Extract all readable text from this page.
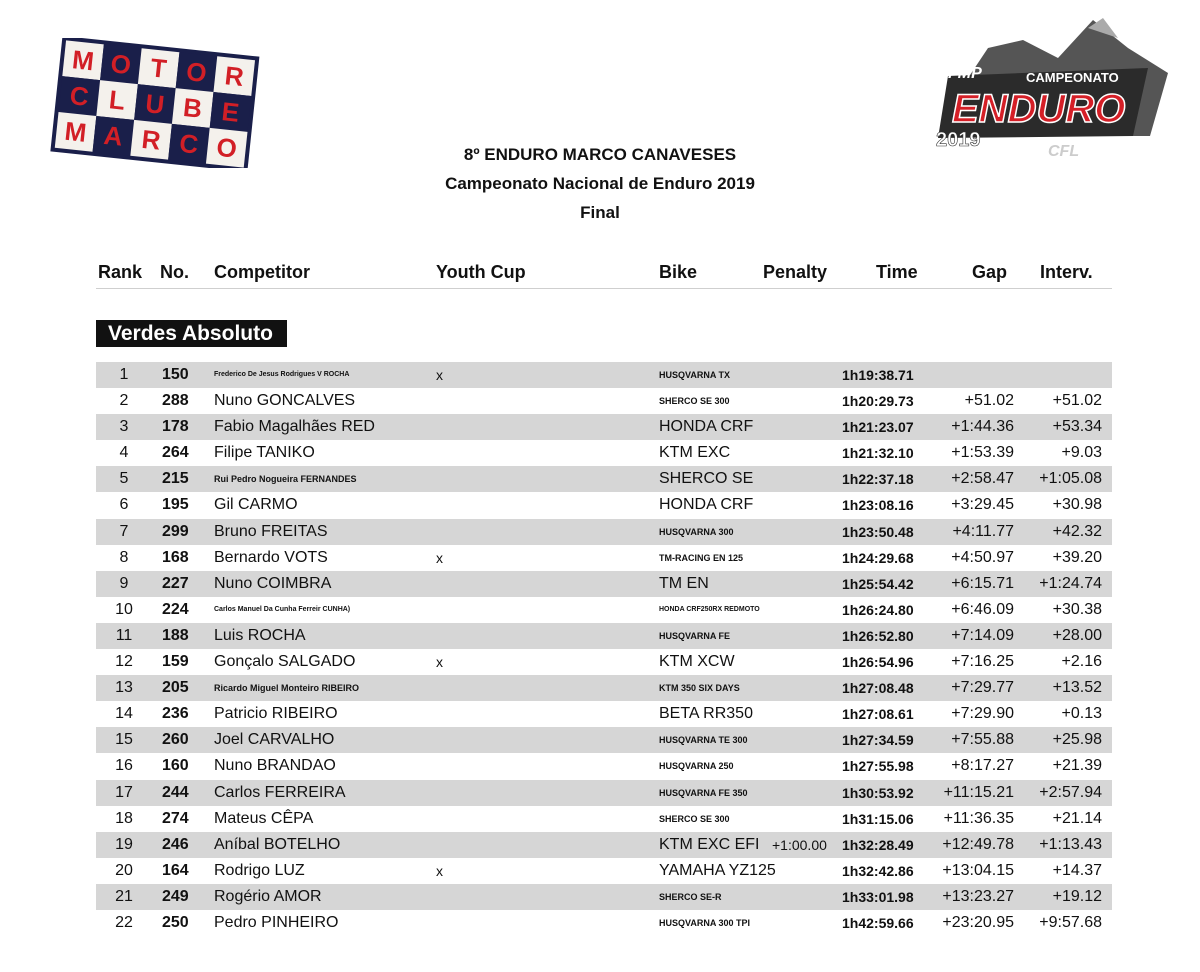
M O T O R
C L U B E
M A R C O
FMP	CAMPEONATO
ENDURO
2019
CFL
8º ENDURO MARCO CANAVESES
Campeonato Nacional de Enduro 2019
Final
Rank No. Competitor	Youth Cup	Bike	Penalty	Time	Gap Interv.
Verdes Absoluto
1	150	Frederico De Jesus Rodrigues V ROCHA	x	HUSQVARNA TX	1h19:38.71
2	288 Nuno GONCALVES	SHERCO SE 300	1h20:29.73	+51.02 +51.02
3	178 Fabio Magalhães RED	HONDA CRF	1h21:23.07 +1:44.36 +53.34
4	264 Filipe TANIKO	KTM EXC	1h21:32.10 +1:53.39	+9.03
5	215	Rui Pedro Nogueira FERNANDES	SHERCO SE	1h22:37.18 +2:58.47 +1:05.08
6	195 Gil CARMO	HONDA CRF	1h23:08.16 +3:29.45 +30.98
7	299 Bruno FREITAS	HUSQVARNA 300	1h23:50.48 +4:11.77 +42.32
8	168 Bernardo VOTS	x	TM-RACING EN 125	1h24:29.68 +4:50.97 +39.20
9	227 Nuno COIMBRA	TM EN	1h25:54.42 +6:15.71 +1:24.74
10	224	Carlos Manuel Da Cunha Ferreir CUNHA)	HONDA CRF250RX REDMOTO	1h26:24.80 +6:46.09 +30.38
11	188 Luis ROCHA	HUSQVARNA FE	1h26:52.80 +7:14.09 +28.00
12	159 Gonçalo SALGADO	x	KTM XCW	1h26:54.96 +7:16.25	+2.16
13	205	Ricardo Miguel Monteiro RIBEIRO	KTM 350 SIX DAYS	1h27:08.48 +7:29.77 +13.52
14	236 Patricio RIBEIRO	BETA RR350	1h27:08.61 +7:29.90	+0.13
15	260 Joel CARVALHO	HUSQVARNA TE 300	1h27:34.59 +7:55.88 +25.98
16	160 Nuno BRANDAO	HUSQVARNA 250	1h27:55.98 +8:17.27 +21.39
17	244 Carlos FERREIRA	HUSQVARNA FE 350	1h30:53.92 +11:15.21 +2:57.94
18	274 Mateus CÊPA	SHERCO SE 300	1h31:15.06 +11:36.35 +21.14
19	246 Aníbal BOTELHO	KTM EXC EFI +1:00.00 1h32:28.49 +12:49.78 +1:13.43
20	164 Rodrigo LUZ	x	YAMAHA YZ125	1h32:42.86 +13:04.15 +14.37
21	249 Rogério AMOR	SHERCO SE-R	1h33:01.98 +13:23.27 +19.12
22	250 Pedro PINHEIRO	HUSQVARNA 300 TPI	1h42:59.66 +23:20.95 +9:57.68
